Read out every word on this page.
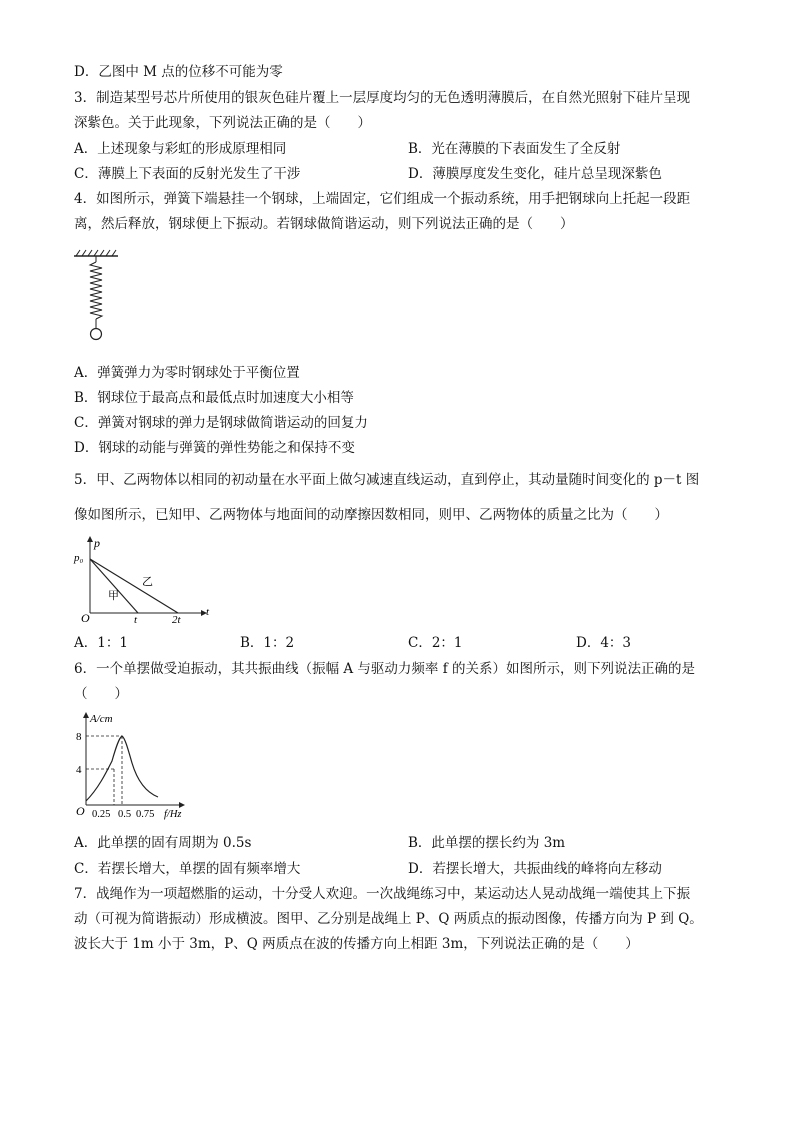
D．乙图中 M 点的位移不可能为零
3．制造某型号芯片所使用的银灰色硅片覆上一层厚度均匀的无色透明薄膜后，在自然光照射下硅片呈现
深紫色。关于此现象，下列说法正确的是（　　）
A．上述现象与彩虹的形成原理相同	B．光在薄膜的下表面发生了全反射
C．薄膜上下表面的反射光发生了干涉	D．薄膜厚度发生变化，硅片总呈现深紫色
4．如图所示，弹簧下端悬挂一个钢球，上端固定，它们组成一个振动系统，用手把钢球向上托起一段距
离，然后释放，钢球便上下振动。若钢球做简谐运动，则下列说法正确的是（　　）
A．弹簧弹力为零时钢球处于平衡位置
B．钢球位于最高点和最低点时加速度大小相等
C．弹簧对钢球的弹力是钢球做简谐运动的回复力
D．钢球的动能与弹簧的弹性势能之和保持不变
5．甲、乙两物体以相同的初动量在水平面上做匀减速直线运动，直到停止，其动量随时间变化的 p－t 图
像如图所示，已知甲、乙两物体与地面间的动摩擦因数相同，则甲、乙两物体的质量之比为（　　）
p
p₀
t
O	t	2t
甲
乙
A．1：1	B．1：2	C．2：1	D．4：3
6．一个单摆做受迫振动，其共振曲线（振幅 A 与驱动力频率 f 的关系）如图所示，则下列说法正确的是
（　　）
A/cm
8
4
O 0.25 0.5 0.75 f/Hz
A．此单摆的固有周期为 0.5s	B．此单摆的摆长约为 3m
C．若摆长增大，单摆的固有频率增大	D．若摆长增大，共振曲线的峰将向左移动
7．战绳作为一项超燃脂的运动，十分受人欢迎。一次战绳练习中，某运动达人晃动战绳一端使其上下振
动（可视为简谐振动）形成横波。图甲、乙分别是战绳上 P、Q 两质点的振动图像，传播方向为 P 到 Q。
波长大于 1m 小于 3m，P、Q 两质点在波的传播方向上相距 3m，下列说法正确的是（　　）
